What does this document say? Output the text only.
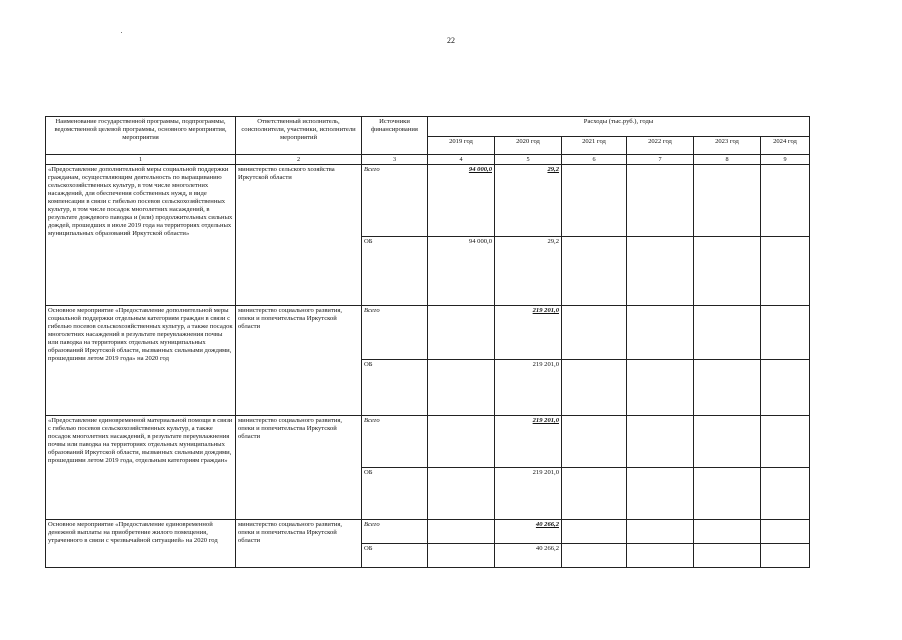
22
Наименование государственной программы, подпрограммы, ведомственной целевой программы, основного мероприятия, мероприятия	Ответственный исполнитель, соисполнители, участники, исполнители мероприятий	Источники финансирования	Расходы (тыс.руб.), годы					
			2019 год	2020 год	2021 год	2022 год	2023 год	2024 год
1	2	3	4	5	6	7	8	9
«Предоставление дополнительной меры социальной поддержки гражданам, осуществляющим деятельность по выращиванию сельскохозяйственных культур, в том числе многолетних насаждений, для обеспечения собственных нужд, в виде компенсации в связи с гибелью посевов сельскохозяйственных культур, в том числе посадок многолетних насаждений, в результате дождевого паводка и (или) продолжительных сильных дождей, прошедших в июле 2019 года на территориях отдельных муниципальных образований Иркутской области»	министерство сельского хозяйства Иркутской области	Всего	94 000,0	29,2				
		ОБ	94 000,0	29,2				
Основное мероприятие «Предоставление дополнительной меры социальной поддержки отдельным категориям граждан в связи с гибелью посевов сельскохозяйственных культур, а также посадок многолетних насаждений в результате переувлажнения почвы или паводка на территориях отдельных муниципальных образований Иркутской области, вызванных сильными дождями, прошедшими летом 2019 года» на 2020 год	министерство социального развития, опеки и попечительства Иркутской области	Всего		219 201,0				
		ОБ		219 201,0				
«Предоставление единовременной материальной помощи в связи с гибелью посевов сельскохозяйственных культур, а также посадок многолетних насаждений, в результате переувлажнения почвы или паводка на территориях отдельных муниципальных образований Иркутской области, вызванных сильными дождями, прошедшими летом 2019 года, отдельным категориям граждан»	министерство социального развития, опеки и попечительства Иркутской области	Всего		219 201,0				
		ОБ		219 201,0				
Основное мероприятие «Предоставление единовременной денежной выплаты на приобретение жилого помещения, утраченного в связи с чрезвычайной ситуацией» на 2020 год	министерство социального развития, опеки и попечительства Иркутской области	Всего		40 266,2				
		ОБ		40 266,2				
